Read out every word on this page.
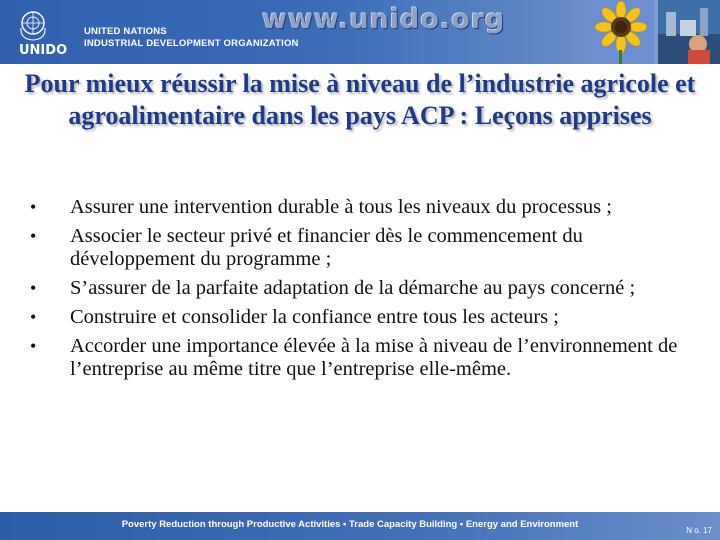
UNIDO
UNITED NATIONS
INDUSTRIAL DEVELOPMENT ORGANIZATION
www.unido.org
Pour mieux réussir la mise à niveau de l’industrie agricole et agroalimentaire dans les pays ACP : Leçons apprises
• Assurer une intervention durable à tous les niveaux du processus ;
• Associer le secteur privé et financier dès le commencement du développement du programme ;
• S’assurer de la parfaite adaptation de la démarche au pays concerné ;
• Construire et consolider la confiance entre tous les acteurs ;
• Accorder une importance élevée à la mise à niveau de l’environnement de l’entreprise au même titre que l’entreprise elle-même.
Poverty Reduction through Productive Activities • Trade Capacity Building • Energy and Environment
N o. 17
